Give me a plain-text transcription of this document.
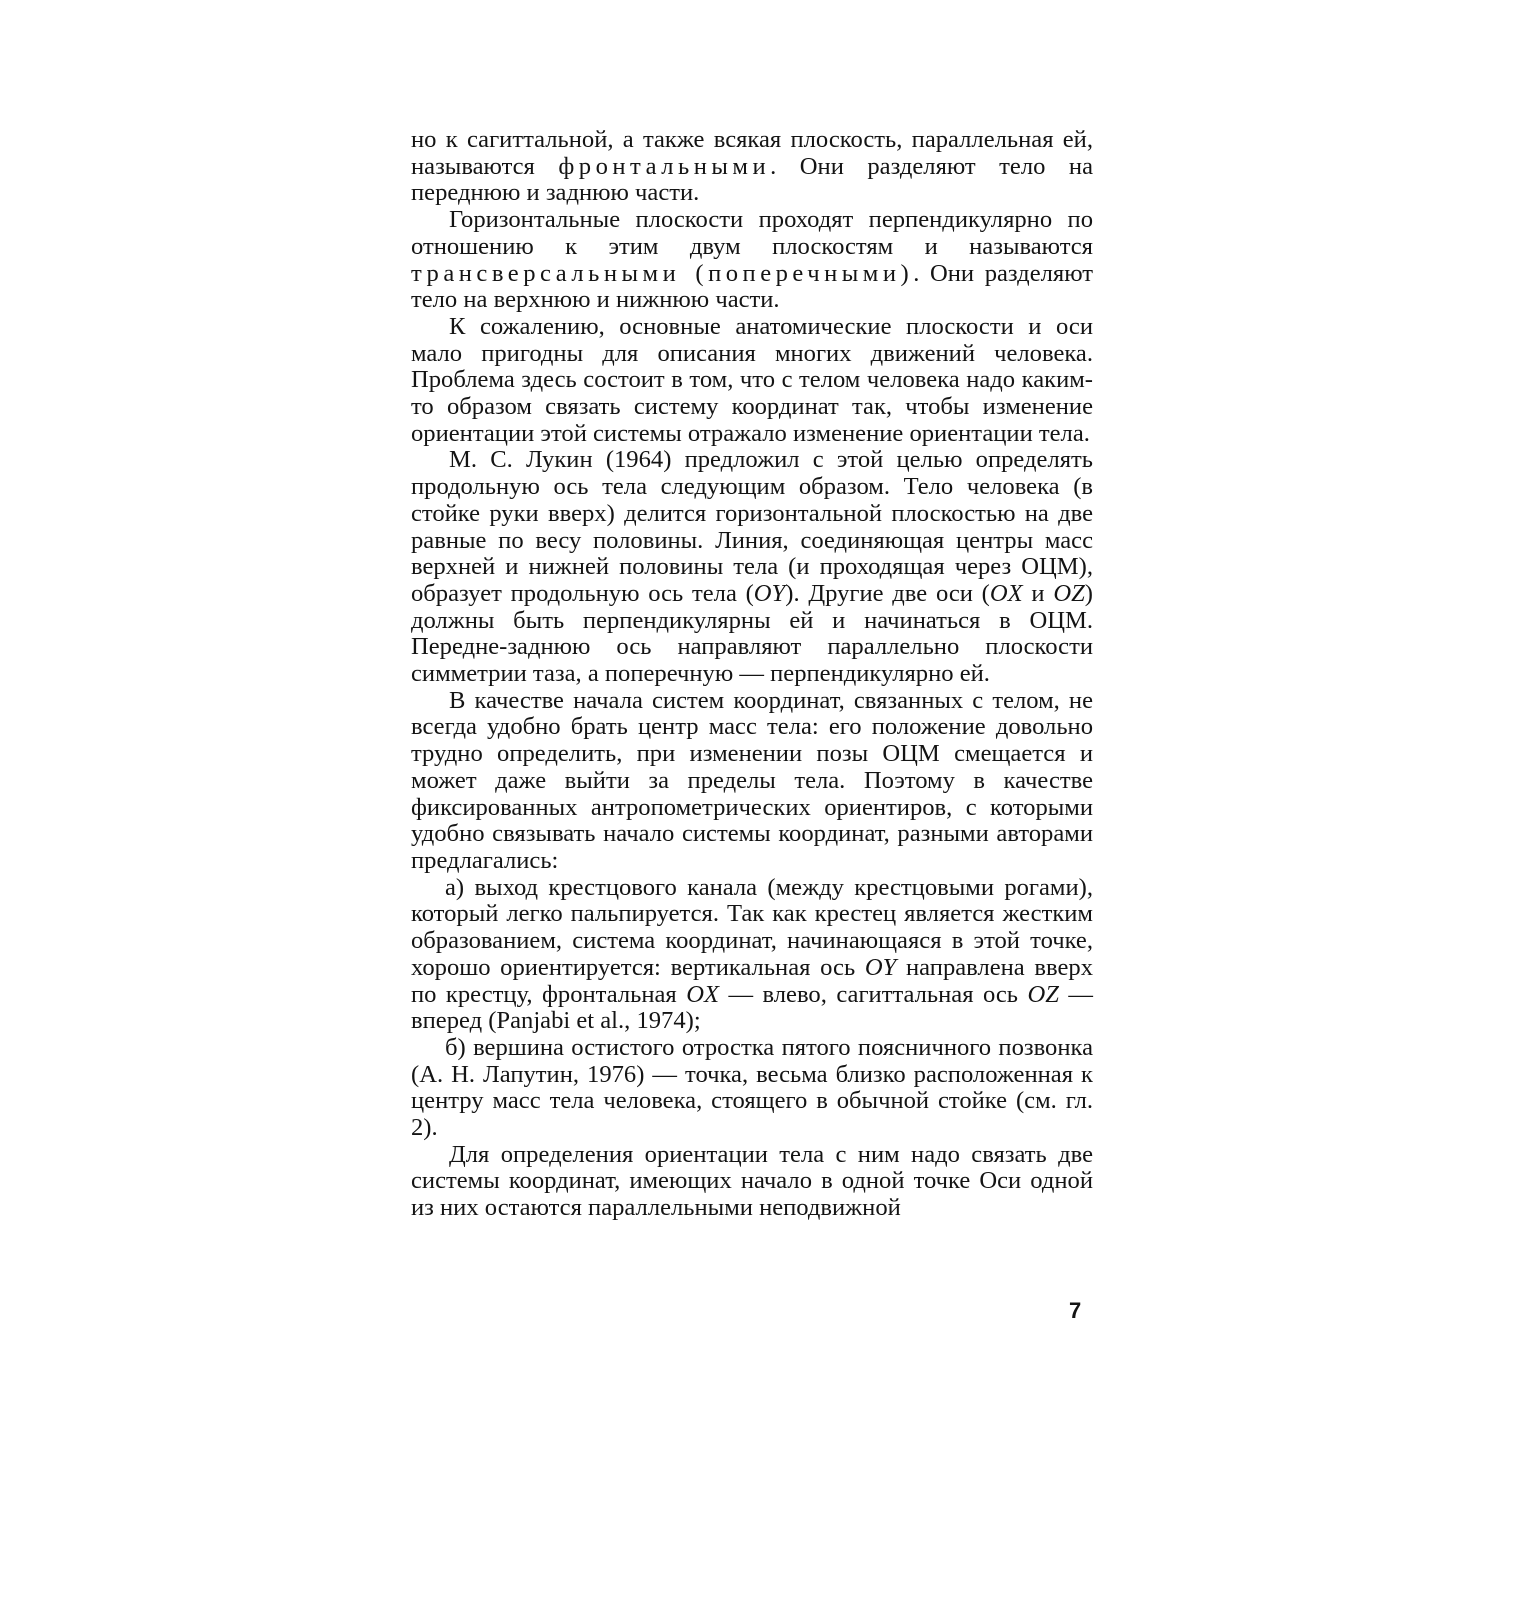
но к сагиттальной, а также всякая плоскость, параллельная ей, называются фронтальными. Они разделяют тело на переднюю и заднюю части.

Горизонтальные плоскости проходят перпендикулярно по отношению к этим двум плоскостям и называются трансверсальными (поперечными). Они разделяют тело на верхнюю и нижнюю части.

К сожалению, основные анатомические плоскости и оси мало пригодны для описания многих движений человека. Проблема здесь состоит в том, что с телом человека надо каким-то образом связать систему координат так, чтобы изменение ориентации этой системы отражало изменение ориентации тела.

М. С. Лукин (1964) предложил с этой целью определять продольную ось тела следующим образом. Тело человека (в стойке руки вверх) делится горизонтальной плоскостью на две равные по весу половины. Линия, соединяющая центры масс верхней и нижней половины тела (и проходящая через ОЦМ), образует продольную ось тела (OY). Другие две оси (OX и OZ) должны быть перпендикулярны ей и начинаться в ОЦМ. Передне-заднюю ось направляют параллельно плоскости симметрии таза, а поперечную — перпендикулярно ей.

В качестве начала систем координат, связанных с телом, не всегда удобно брать центр масс тела: его положение довольно трудно определить, при изменении позы ОЦМ смещается и может даже выйти за пределы тела. Поэтому в качестве фиксированных антропометрических ориентиров, с которыми удобно связывать начало системы координат, разными авторами предлагались:

а) выход крестцового канала (между крестцовыми рогами), который легко пальпируется. Так как крестец является жестким образованием, система координат, начинающаяся в этой точке, хорошо ориентируется: вертикальная ось OY направлена вверх по крестцу, фронтальная OX — влево, сагиттальная ось OZ — вперед (Panjabi et al., 1974);

б) вершина остистого отростка пятого поясничного позвонка (А. Н. Лапутин, 1976) — точка, весьма близко расположенная к центру масс тела человека, стоящего в обычной стойке (см. гл. 2).

Для определения ориентации тела с ним надо связать две системы координат, имеющих начало в одной точке Оси одной из них остаются параллельными неподвижной

7
